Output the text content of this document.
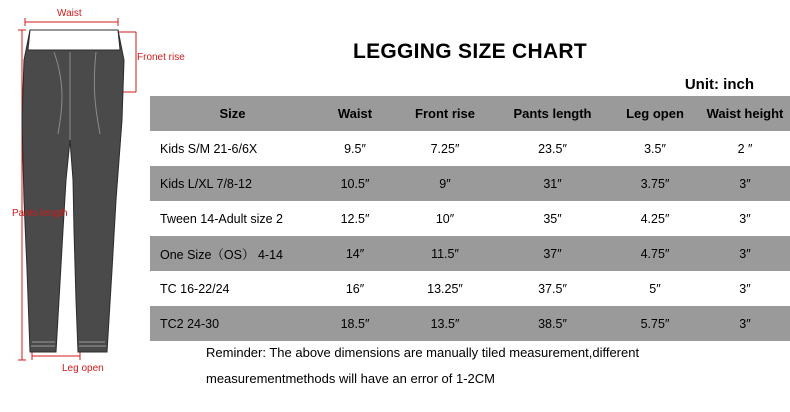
Waist
Fronet rise
Pants length
Leg open
LEGGING SIZE CHART
Unit: inch
Size	Waist	Front rise	Pants length	Leg open	Waist height
Kids S/M 21-6/6X	9.5″	7.25″	23.5″	3.5″	2 ″
Kids L/XL 7/8-12	10.5″	9″	31″	3.75″	3″
Tween 14-Adult size 2	12.5″	10″	35″	4.25″	3″
One Size（OS） 4-14	14″	11.5″	37″	4.75″	3″
TC 16-22/24	16″	13.25″	37.5″	5″	3″
TC2 24-30	18.5″	13.5″	38.5″	5.75″	3″
Reminder: The above dimensions are manually tiled measurement,different
measurementmethods will have an error of 1-2CM
